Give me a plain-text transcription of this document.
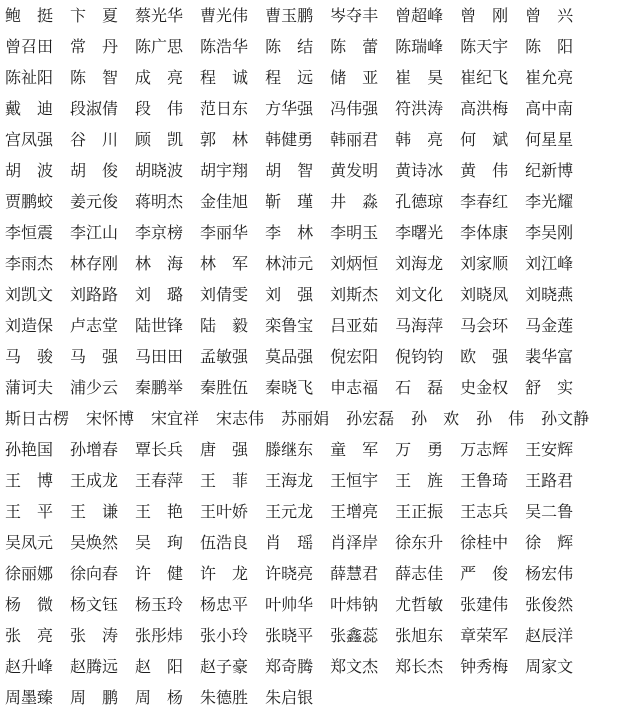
鲍　挺 卞　夏 蔡光华 曹光伟 曹玉鹏 岑夺丰 曾超峰 曾　刚 曾　兴
曾召田 常　丹 陈广思 陈浩华 陈　结 陈　蕾 陈瑞峰 陈天宇 陈　阳
陈祉阳 陈　智 成　亮 程　诚 程　远 储　亚 崔　昊 崔纪飞 崔允亮
戴　迪 段淑倩 段　伟 范日东 方华强 冯伟强 符洪涛 高洪梅 高中南
宫凤强 谷　川 顾　凯 郭　林 韩健勇 韩丽君 韩　亮 何　斌 何星星
胡　波 胡　俊 胡晓波 胡宇翔 胡　智 黄发明 黄诗冰 黄　伟 纪新博
贾鹏蛟 姜元俊 蒋明杰 金佳旭 靳　瑾 井　淼 孔德琼 李春红 李光耀
李恒震 李江山 李京榜 李丽华 李　林 李明玉 李曙光 李体康 李吴刚
李雨杰 林存刚 林　海 林　军 林沛元 刘炳恒 刘海龙 刘家顺 刘江峰
刘凯文 刘路路 刘　璐 刘倩雯 刘　强 刘斯杰 刘文化 刘晓凤 刘晓燕
刘造保 卢志堂 陆世锋 陆　毅 栾鲁宝 吕亚茹 马海萍 马会环 马金莲
马　骏 马　强 马田田 孟敏强 莫品强 倪宏阳 倪钧钧 欧　强 裴华富
蒲诃夫 浦少云 秦鹏举 秦胜伍 秦晓飞 申志福 石　磊 史金权 舒　实
斯日古楞 宋怀博 宋宜祥 宋志伟 苏丽娟 孙宏磊 孙　欢 孙　伟 孙文静
孙艳国 孙增春 覃长兵 唐　强 滕继东 童　军 万　勇 万志辉 王安辉
王　博 王成龙 王春萍 王　菲 王海龙 王恒宇 王　旌 王鲁琦 王路君
王　平 王　谦 王　艳 王叶娇 王元龙 王增亮 王正振 王志兵 吴二鲁
吴凤元 吴焕然 吴　珣 伍浩良 肖　瑶 肖泽岸 徐东升 徐桂中 徐　辉
徐丽娜 徐向春 许　健 许　龙 许晓亮 薛慧君 薛志佳 严　俊 杨宏伟
杨　微 杨文钰 杨玉玲 杨忠平 叶帅华 叶炜钠 尤哲敏 张建伟 张俊然
张　亮 张　涛 张彤炜 张小玲 张晓平 张鑫蕊 张旭东 章荣军 赵辰洋
赵升峰 赵腾远 赵　阳 赵子豪 郑奇腾 郑文杰 郑长杰 钟秀梅 周家文
周墨臻 周　鹏 周　杨 朱德胜 朱启银
